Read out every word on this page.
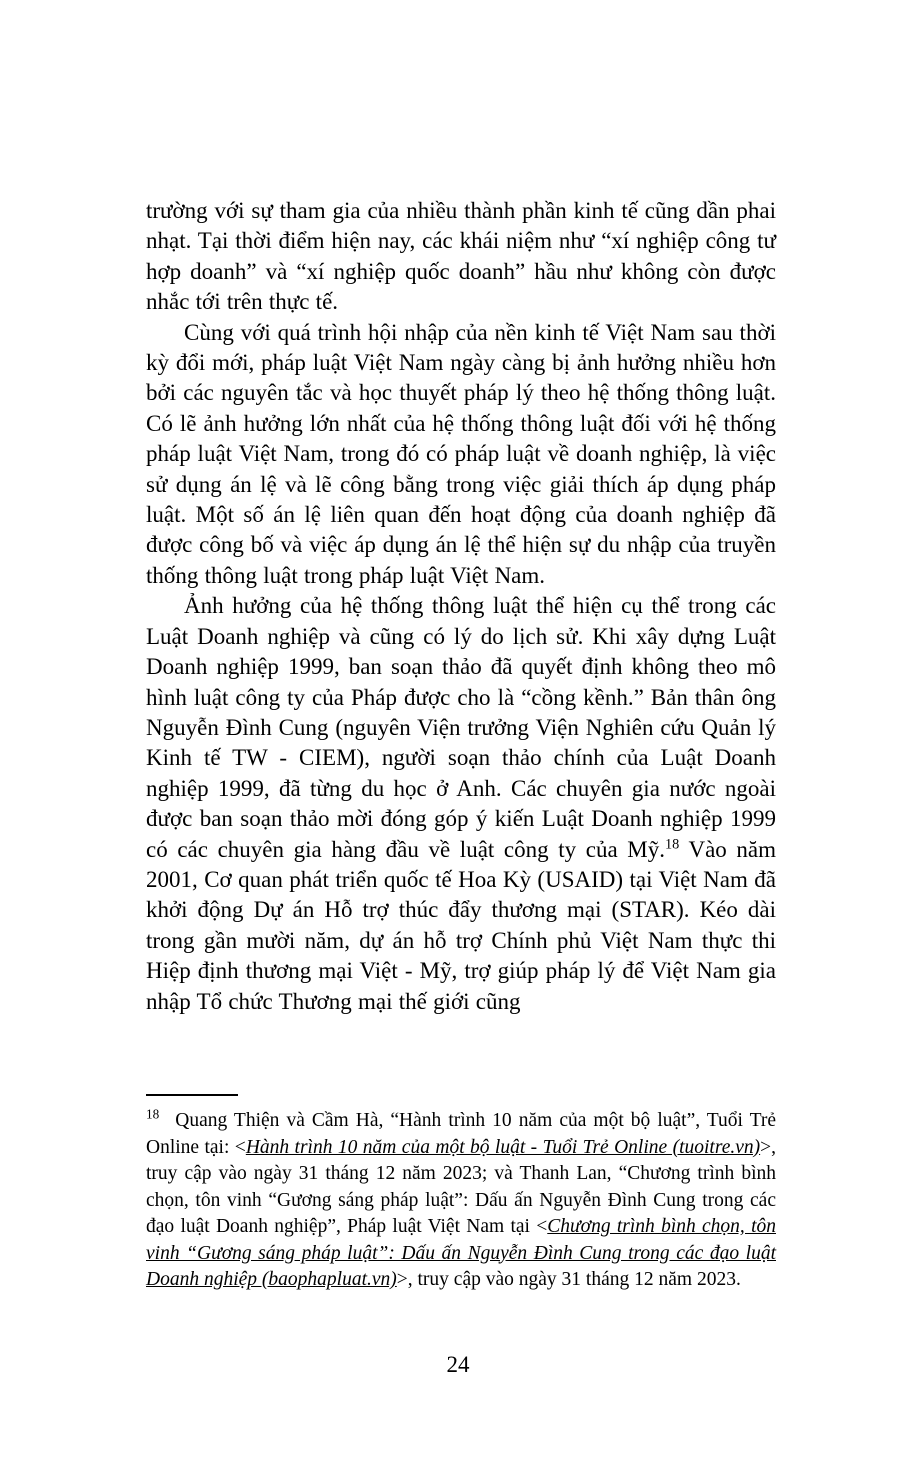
trường với sự tham gia của nhiều thành phần kinh tế cũng dần phai nhạt. Tại thời điểm hiện nay, các khái niệm như “xí nghiệp công tư hợp doanh” và “xí nghiệp quốc doanh” hầu như không còn được nhắc tới trên thực tế.

Cùng với quá trình hội nhập của nền kinh tế Việt Nam sau thời kỳ đổi mới, pháp luật Việt Nam ngày càng bị ảnh hưởng nhiều hơn bởi các nguyên tắc và học thuyết pháp lý theo hệ thống thông luật. Có lẽ ảnh hưởng lớn nhất của hệ thống thông luật đối với hệ thống pháp luật Việt Nam, trong đó có pháp luật về doanh nghiệp, là việc sử dụng án lệ và lẽ công bằng trong việc giải thích áp dụng pháp luật. Một số án lệ liên quan đến hoạt động của doanh nghiệp đã được công bố và việc áp dụng án lệ thể hiện sự du nhập của truyền thống thông luật trong pháp luật Việt Nam.

Ảnh hưởng của hệ thống thông luật thể hiện cụ thể trong các Luật Doanh nghiệp và cũng có lý do lịch sử. Khi xây dựng Luật Doanh nghiệp 1999, ban soạn thảo đã quyết định không theo mô hình luật công ty của Pháp được cho là “cồng kềnh.” Bản thân ông Nguyễn Đình Cung (nguyên Viện trưởng Viện Nghiên cứu Quản lý Kinh tế TW - CIEM), người soạn thảo chính của Luật Doanh nghiệp 1999, đã từng du học ở Anh. Các chuyên gia nước ngoài được ban soạn thảo mời đóng góp ý kiến Luật Doanh nghiệp 1999 có các chuyên gia hàng đầu về luật công ty của Mỹ.$^{18}$ Vào năm 2001, Cơ quan phát triển quốc tế Hoa Kỳ (USAID) tại Việt Nam đã khởi động Dự án Hỗ trợ thúc đẩy thương mại (STAR). Kéo dài trong gần mười năm, dự án hỗ trợ Chính phủ Việt Nam thực thi Hiệp định thương mại Việt - Mỹ, trợ giúp pháp lý để Việt Nam gia nhập Tổ chức Thương mại thế giới cũng

$^{18}$ Quang Thiện và Cầm Hà, “Hành trình 10 năm của một bộ luật”, Tuổi Trẻ Online tại: <Hành trình 10 năm của một bộ luật - Tuổi Trẻ Online (tuoitre.vn)>, truy cập vào ngày 31 tháng 12 năm 2023; và Thanh Lan, “Chương trình bình chọn, tôn vinh “Gương sáng pháp luật”: Dấu ấn Nguyễn Đình Cung trong các đạo luật Doanh nghiệp”, Pháp luật Việt Nam tại <Chương trình bình chọn, tôn vinh “Gương sáng pháp luật”: Dấu ấn Nguyễn Đình Cung trong các đạo luật Doanh nghiệp (baophapluat.vn)>, truy cập vào ngày 31 tháng 12 năm 2023.
24
